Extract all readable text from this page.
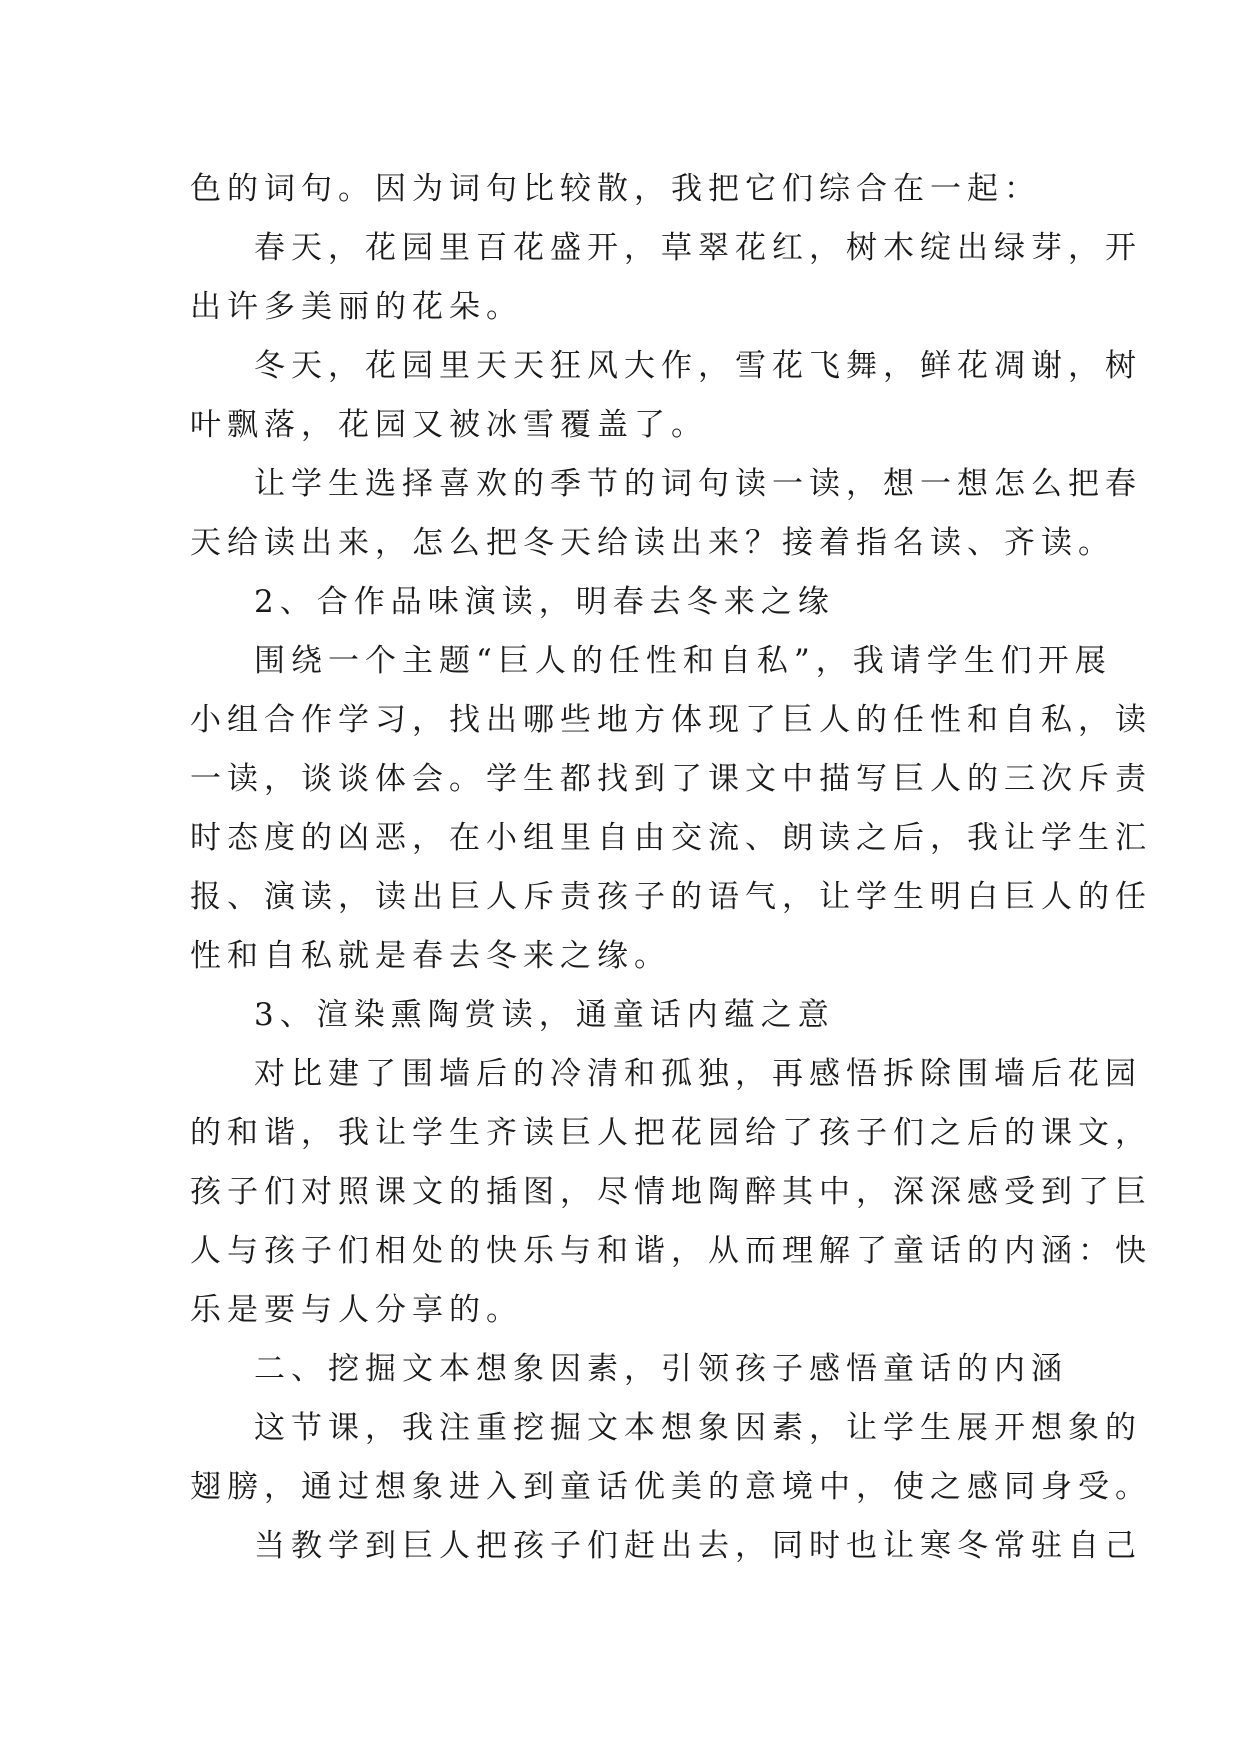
色的词句。因为词句比较散，我把它们综合在一起：
春天，花园里百花盛开，草翠花红，树木绽出绿芽，开
出许多美丽的花朵。
冬天，花园里天天狂风大作，雪花飞舞，鲜花凋谢，树
叶飘落，花园又被冰雪覆盖了。
让学生选择喜欢的季节的词句读一读，想一想怎么把春
天给读出来，怎么把冬天给读出来？接着指名读、齐读。
2、合作品味演读，明春去冬来之缘
围绕一个主题“巨人的任性和自私”，我请学生们开展
小组合作学习，找出哪些地方体现了巨人的任性和自私，读
一读，谈谈体会。学生都找到了课文中描写巨人的三次斥责
时态度的凶恶，在小组里自由交流、朗读之后，我让学生汇
报、演读，读出巨人斥责孩子的语气，让学生明白巨人的任
性和自私就是春去冬来之缘。
3、渲染熏陶赏读，通童话内蕴之意
对比建了围墙后的冷清和孤独，再感悟拆除围墙后花园
的和谐，我让学生齐读巨人把花园给了孩子们之后的课文，
孩子们对照课文的插图，尽情地陶醉其中，深深感受到了巨
人与孩子们相处的快乐与和谐，从而理解了童话的内涵：快
乐是要与人分享的。
二、挖掘文本想象因素，引领孩子感悟童话的内涵
这节课，我注重挖掘文本想象因素，让学生展开想象的
翅膀，通过想象进入到童话优美的意境中，使之感同身受。
当教学到巨人把孩子们赶出去，同时也让寒冬常驻自己
